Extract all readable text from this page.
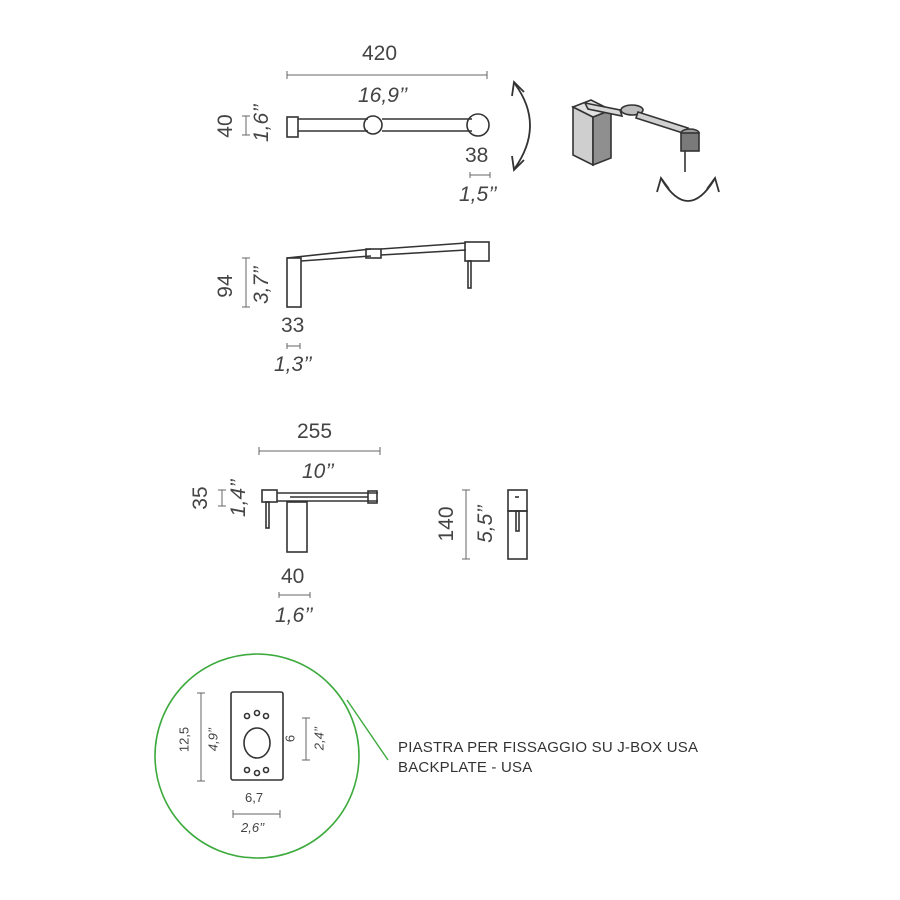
420
16,9’’
40 1,6’’
38
1,5’’
94 3,7’’
33
1,3’’
255
10’’
35 1,4’’
40
1,6’’
140 5,5’’
12,5 4,9’’	6 2,4’’
6,7
2,6’’
PIASTRA PER FISSAGGIO SU J-BOX USA
BACKPLATE - USA
